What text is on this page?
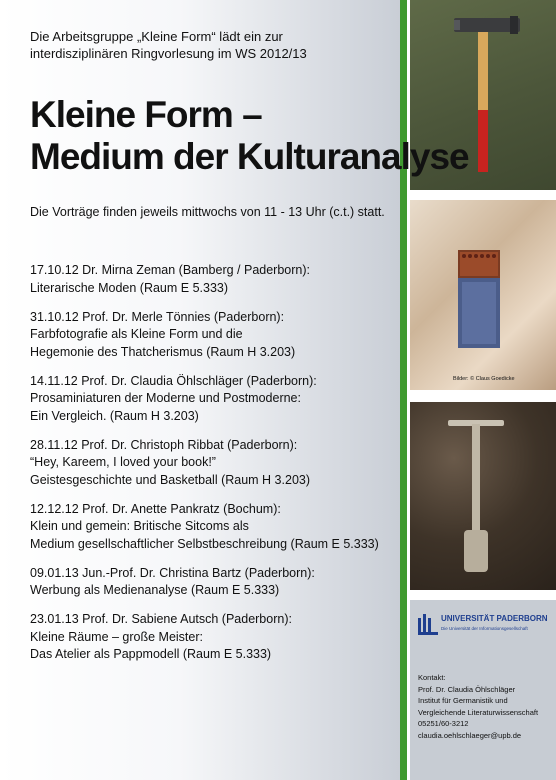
Die Arbeitsgruppe „Kleine Form“ lädt ein zur
interdisziplinären Ringvorlesung im WS 2012/13
Die Vorträge finden jeweils mittwochs von 11 - 13 Uhr (c.t.) statt.
17.10.12 Dr. Mirna Zeman (Bamberg / Paderborn):
Literarische Moden (Raum E 5.333)
31.10.12 Prof. Dr. Merle Tönnies (Paderborn):
Farbfotografie als Kleine Form und die
Hegemonie des Thatcherismus (Raum H 3.203)
14.11.12 Prof. Dr. Claudia Öhlschläger (Paderborn):
Prosaminiaturen der Moderne und Postmoderne:
Ein Vergleich. (Raum H 3.203)
28.11.12 Prof. Dr. Christoph Ribbat (Paderborn):
“Hey, Kareem, I loved your book!”
Geistesgeschichte und Basketball (Raum H 3.203)
12.12.12 Prof. Dr. Anette Pankratz (Bochum):
Klein und gemein: Britische Sitcoms als
Medium gesellschaftlicher Selbstbeschreibung (Raum E 5.333)
09.01.13 Jun.-Prof. Dr. Christina Bartz (Paderborn):
Werbung als Medienanalyse (Raum E 5.333)
23.01.13 Prof. Dr. Sabiene Autsch (Paderborn):
Kleine Räume – große Meister:
Das Atelier als Pappmodell (Raum E 5.333)
Bilder: © Claus Goedicke
UNIVERSITÄT PADERBORN
Die Universität der Informationsgesellschaft
Kontakt:
Prof. Dr. Claudia Öhlschläger
Institut für Germanistik und
Vergleichende Literaturwissenschaft
05251/60-3212
claudia.oehlschlaeger@upb.de
Kleine Form –
Medium der Kulturanalyse
